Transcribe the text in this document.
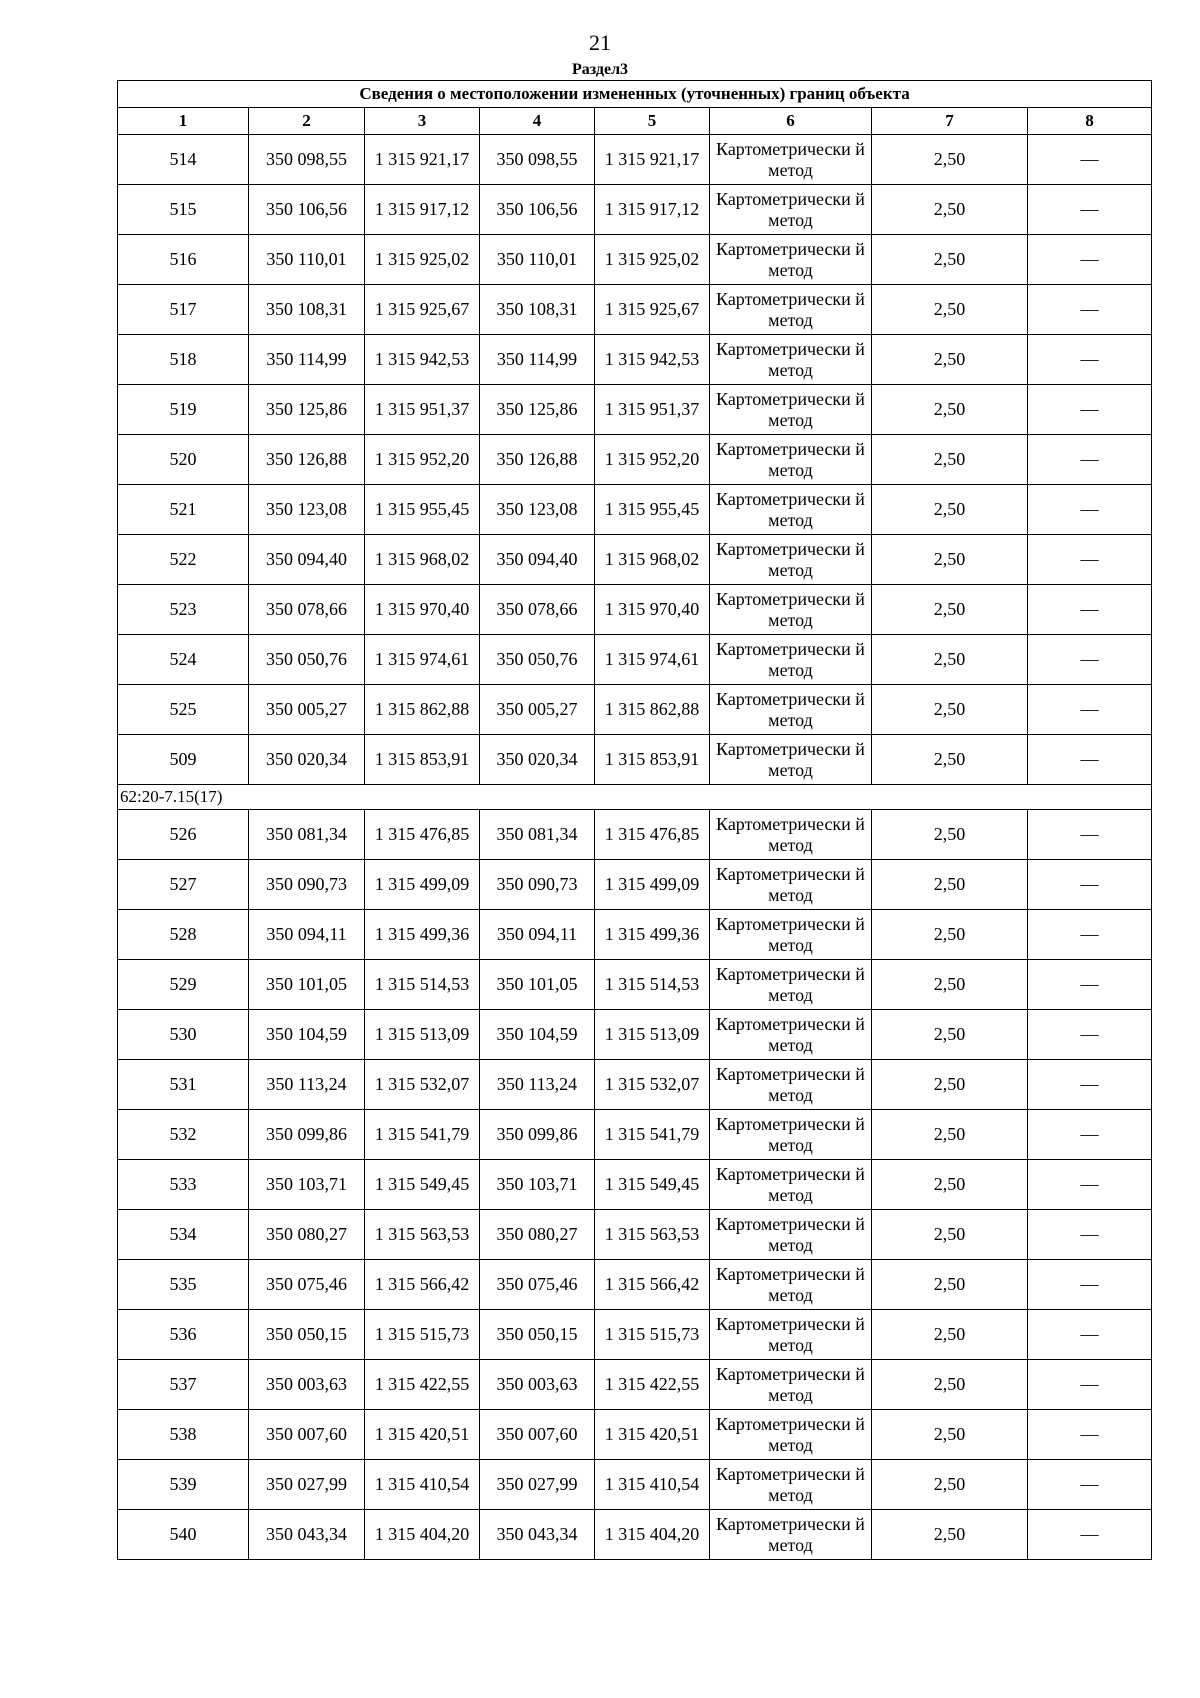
21
Раздел3
Сведения о местоположении измененных (уточненных) границ объекта							
1	2	3	4	5	6	7	8
514	350 098,55	1 315 921,17	350 098,55	1 315 921,17	Картометрически й метод	2,50	—
515	350 106,56	1 315 917,12	350 106,56	1 315 917,12	Картометрически й метод	2,50	—
516	350 110,01	1 315 925,02	350 110,01	1 315 925,02	Картометрически й метод	2,50	—
517	350 108,31	1 315 925,67	350 108,31	1 315 925,67	Картометрически й метод	2,50	—
518	350 114,99	1 315 942,53	350 114,99	1 315 942,53	Картометрически й метод	2,50	—
519	350 125,86	1 315 951,37	350 125,86	1 315 951,37	Картометрически й метод	2,50	—
520	350 126,88	1 315 952,20	350 126,88	1 315 952,20	Картометрически й метод	2,50	—
521	350 123,08	1 315 955,45	350 123,08	1 315 955,45	Картометрически й метод	2,50	—
522	350 094,40	1 315 968,02	350 094,40	1 315 968,02	Картометрически й метод	2,50	—
523	350 078,66	1 315 970,40	350 078,66	1 315 970,40	Картометрически й метод	2,50	—
524	350 050,76	1 315 974,61	350 050,76	1 315 974,61	Картометрически й метод	2,50	—
525	350 005,27	1 315 862,88	350 005,27	1 315 862,88	Картометрически й метод	2,50	—
509	350 020,34	1 315 853,91	350 020,34	1 315 853,91	Картометрически й метод	2,50	—
62:20-7.15(17)							
526	350 081,34	1 315 476,85	350 081,34	1 315 476,85	Картометрически й метод	2,50	—
527	350 090,73	1 315 499,09	350 090,73	1 315 499,09	Картометрически й метод	2,50	—
528	350 094,11	1 315 499,36	350 094,11	1 315 499,36	Картометрически й метод	2,50	—
529	350 101,05	1 315 514,53	350 101,05	1 315 514,53	Картометрически й метод	2,50	—
530	350 104,59	1 315 513,09	350 104,59	1 315 513,09	Картометрически й метод	2,50	—
531	350 113,24	1 315 532,07	350 113,24	1 315 532,07	Картометрически й метод	2,50	—
532	350 099,86	1 315 541,79	350 099,86	1 315 541,79	Картометрически й метод	2,50	—
533	350 103,71	1 315 549,45	350 103,71	1 315 549,45	Картометрически й метод	2,50	—
534	350 080,27	1 315 563,53	350 080,27	1 315 563,53	Картометрически й метод	2,50	—
535	350 075,46	1 315 566,42	350 075,46	1 315 566,42	Картометрически й метод	2,50	—
536	350 050,15	1 315 515,73	350 050,15	1 315 515,73	Картометрически й метод	2,50	—
537	350 003,63	1 315 422,55	350 003,63	1 315 422,55	Картометрически й метод	2,50	—
538	350 007,60	1 315 420,51	350 007,60	1 315 420,51	Картометрически й метод	2,50	—
539	350 027,99	1 315 410,54	350 027,99	1 315 410,54	Картометрически й метод	2,50	—
540	350 043,34	1 315 404,20	350 043,34	1 315 404,20	Картометрически й метод	2,50	—
